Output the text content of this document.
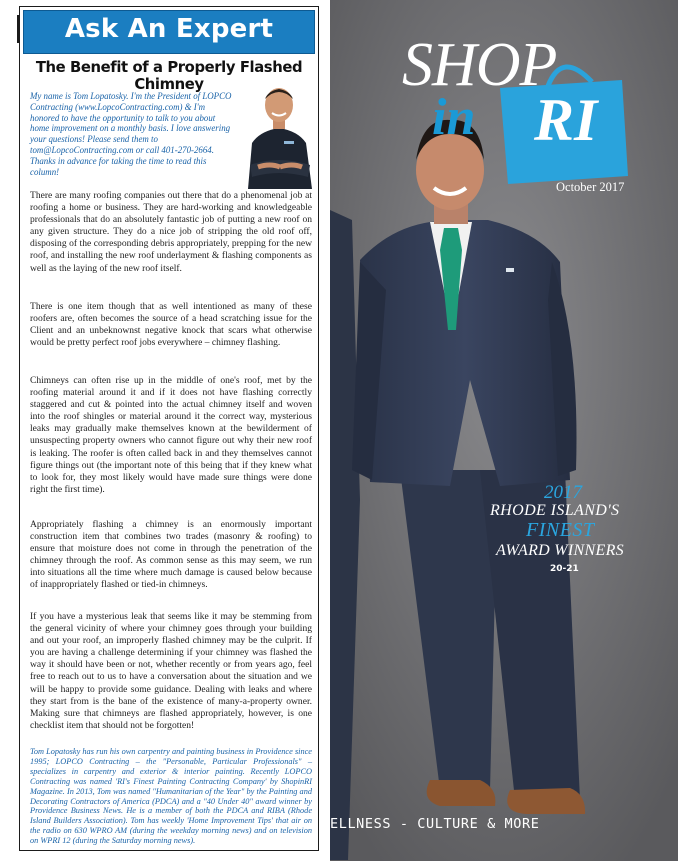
Ask An Expert
The Benefit of a Properly Flashed Chimney
My name is Tom Lopatosky. I'm the President of LOPCO Contracting (www.LopcoContracting.com) & I'm honored to have the opportunity to talk to you about home improvement on a monthly basis. I love answering your questions! Please send them to tom@LopcoContracting.com or call 401-270-2664. Thanks in advance for taking the time to read this column!

There are many roofing companies out there that do a phenomenal job at roofing a home or business. They are hard-working and knowledgeable professionals that do an absolutely fantastic job of putting a new roof on any given structure. They do a nice job of stripping the old roof off, disposing of the corresponding debris appropriately, prepping for the new roof, and installing the new roof underlayment & flashing components as well as the laying of the new roof itself.

There is one item though that as well intentioned as many of these roofers are, often becomes the source of a head scratching issue for the Client and an unbeknownst negative knock that scars what otherwise would be pretty perfect roof jobs everywhere – chimney flashing.

Chimneys can often rise up in the middle of one's roof, met by the roofing material around it and if it does not have flashing correctly staggered and cut & pointed into the actual chimney itself and woven into the roof shingles or material around it the correct way, mysterious leaks may gradually make themselves known at the bewilderment of unsuspecting property owners who cannot figure out why their new roof is leaking. The roofer is often called back in and they themselves cannot figure things out (the important note of this being that if they knew what to look for, they most likely would have made sure things were done right the first time).

Appropriately flashing a chimney is an enormously important construction item that combines two trades (masonry & roofing) to ensure that moisture does not come in through the penetration of the chimney through the roof. As common sense as this may seem, we run into situations all the time where much damage is caused below because of inappropriately flashed or tied-in chimneys.

If you have a mysterious leak that seems like it may be stemming from the general vicinity of where your chimney goes through your building and out your roof, an improperly flashed chimney may be the culprit. If you are having a challenge determining if your chimney was flashed the way it should have been or not, whether recently or from years ago, feel free to reach out to us to have a conversation about the situation and we will be happy to provide some guidance. Dealing with leaks and where they start from is the bane of the existence of many-a-property owner. Making sure that chimneys are flashed appropriately, however, is one checklist item that should not be forgotten!

Tom Lopatosky has run his own carpentry and painting business in Providence since 1995; LOPCO Contracting – the "Personable, Particular Professionals" – specializes in carpentry and exterior & interior painting. Recently LOPCO Contracting was named 'RI's Finest Painting Contracting Company' by ShopinRI Magazine. In 2013, Tom was named "Humanitarian of the Year" by the Painting and Decorating Contractors of America (PDCA) and a "40 Under 40" award winner by Providence Business News. He is a member of both the PDCA and RIBA (Rhode Island Builders Association). Tom has weekly 'Home Improvement Tips' that air on the radio on 630 WPRO AM (during the weekday morning news) and on television on WPRI 12 (during the Saturday morning news).
SHOP
in RI
October 2017
2017
RHODE ISLAND'S
FINEST
AWARD WINNERS
20-21
ELLNESS - CULTURE & MORE
